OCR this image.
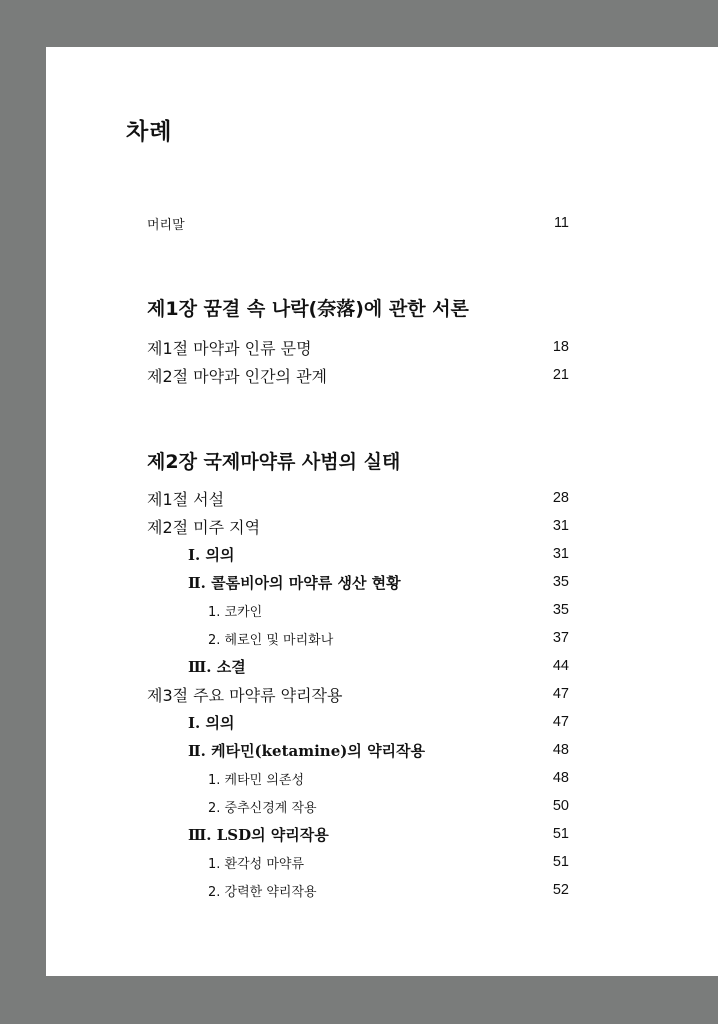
차례
머리말	11
제1장 꿈결 속 나락(奈落)에 관한 서론
제1절 마약과 인류 문명	18
제2절 마약과 인간의 관계	21
제2장 국제마약류 사범의 실태
제1절 서설	28
제2절 미주 지역	31
Ⅰ. 의의	31
Ⅱ. 콜롬비아의 마약류 생산 현황	35
1. 코카인	35
2. 헤로인 및 마리화나	37
Ⅲ. 소결	44
제3절 주요 마약류 약리작용	47
Ⅰ. 의의	47
Ⅱ. 케타민(ketamine)의 약리작용	48
1. 케타민 의존성	48
2. 중추신경계 작용	50
Ⅲ. LSD의 약리작용	51
1. 환각성 마약류	51
2. 강력한 약리작용	52
